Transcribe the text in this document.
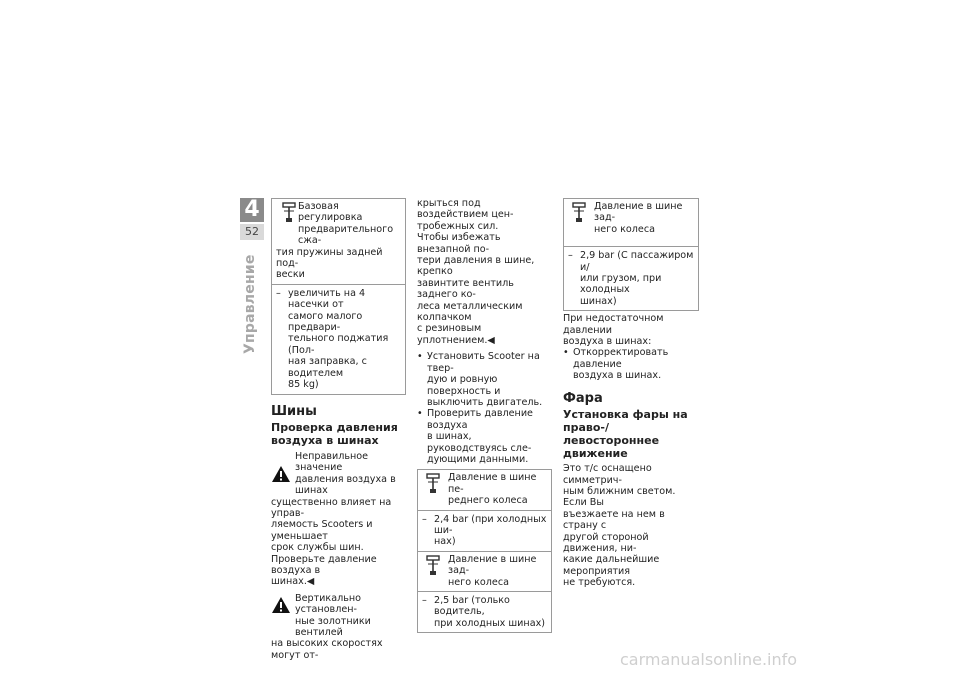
4
52
Управление
Базовая регулировка
предварительного сжа-
тия пружины задней под-
вески
– увеличить на 4 насечки от
самого малого предвари-
тельного поджатия (Пол-
ная заправка, с водителем
85 kg)
Шины
Проверка давления
воздуха в шинах
Неправильное значение
давления воздуха в шинах
существенно влияет на управ-
ляемость Scooters и уменьшает
срок службы шин.
Проверьте давление воздуха в
шинах.◀
Вертикально установлен-
ные золотники вентилей
на высоких скоростях могут от-
крыться под воздействием цен-
тробежных сил.
Чтобы избежать внезапной по-
тери давления в шине, крепко
завинтите вентиль заднего ко-
леса металлическим колпачком
с резиновым уплотнением.◀
• Установить Scooter на твер-
дую и ровную поверхность и
выключить двигатель.
• Проверить давление воздуха
в шинах, руководствуясь сле-
дующими данными.
Давление в шине пе-
реднего колеса
– 2,4 bar (при холодных ши-
нах)
Давление в шине зад-
него колеса
– 2,5 bar (только водитель,
при холодных шинах)
Давление в шине зад-
него колеса
– 2,9 bar (С пассажиром и/
или грузом, при холодных
шинах)
При недостаточном давлении
воздуха в шинах:
• Откорректировать давление
воздуха в шинах.
Фара
Установка фары на
право-/левостороннее
движение
Это т/с оснащено симметрич-
ным ближним светом. Если Вы
въезжаете на нем в страну с
другой стороной движения, ни-
какие дальнейшие мероприятия
не требуются.
carmanualsonline.info
